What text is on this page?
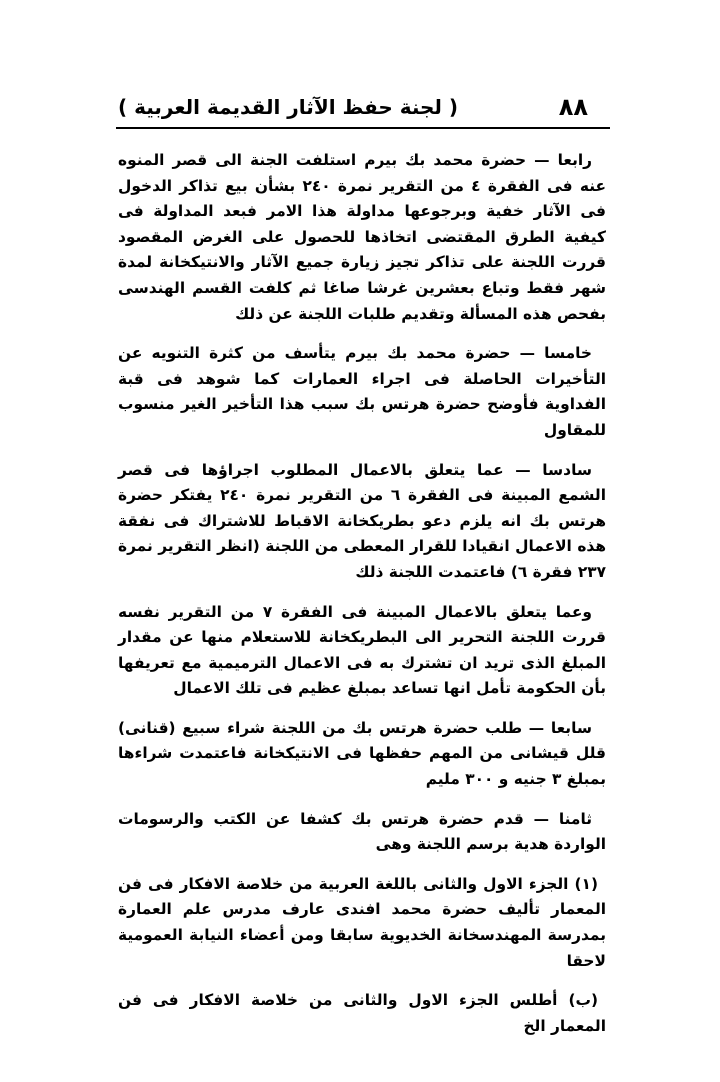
٨٨
( لجنة حفظ الآثار القديمة العربية )

رابعا — حضرة محمد بك بيرم استلفت الجنة الى قصر المنوه عنه فى الفقرة ٤ من التقرير نمرة ٢٤٠ بشأن بيع تذاكر الدخول فى الآثار خفية وبرجوعها مداولة هذا الامر فبعد المداولة فى كيفية الطرق المقتضى اتخاذها للحصول على الغرض المقصود قررت اللجنة على تذاكر تجيز زيارة جميع الآثار والانتيكخانة لمدة شهر فقط وتباع بعشرين غرشا صاغا ثم كلفت القسم الهندسى بفحص هذه المسألة وتقديم طلبات اللجنة عن ذلك

خامسا — حضرة محمد بك بيرم يتأسف من كثرة التنويه عن التأخيرات الحاصلة فى اجراء العمارات كما شوهد فى قبة الفداوية فأوضح حضرة هرتس بك سبب هذا التأخير الغير منسوب للمقاول

سادسا — عما يتعلق بالاعمال المطلوب اجراؤها فى قصر الشمع المبينة فى الفقرة ٦ من التقرير نمرة ٢٤٠ يفتكر حضرة هرتس بك انه يلزم دعو بطريكخانة الاقباط للاشتراك فى نفقة هذه الاعمال انقيادا للقرار المعطى من اللجنة (انظر التقرير نمرة ٢٣٧ فقرة ٦) فاعتمدت اللجنة ذلك

وعما يتعلق بالاعمال المبينة فى الفقرة ٧ من التقرير نفسه قررت اللجنة التحرير الى البطريكخانة للاستعلام منها عن مقدار المبلغ الذى تريد ان تشترك به فى الاعمال الترميمية مع تعريفها بأن الحكومة تأمل انها تساعد بمبلغ عظيم فى تلك الاعمال

سابعا — طلب حضرة هرتس بك من اللجنة شراء سبيع (قنانى) قلل قيشانى من المهم حفظها فى الانتيكخانة فاعتمدت شراءها بمبلغ ٣ جنيه و ٣٠٠ مليم

ثامنا — قدم حضرة هرتس بك كشفا عن الكتب والرسومات الواردة هدية برسم اللجنة وهى

(١) الجزء الاول والثانى باللغة العربية من خلاصة الافكار فى فن المعمار تأليف حضرة محمد افندى عارف مدرس علم العمارة بمدرسة المهندسخانة الخديوية سابقا ومن أعضاء النيابة العمومية لاحقا

(ب) أطلس الجزء الاول والثانى من خلاصة الافكار فى فن المعمار الخ
